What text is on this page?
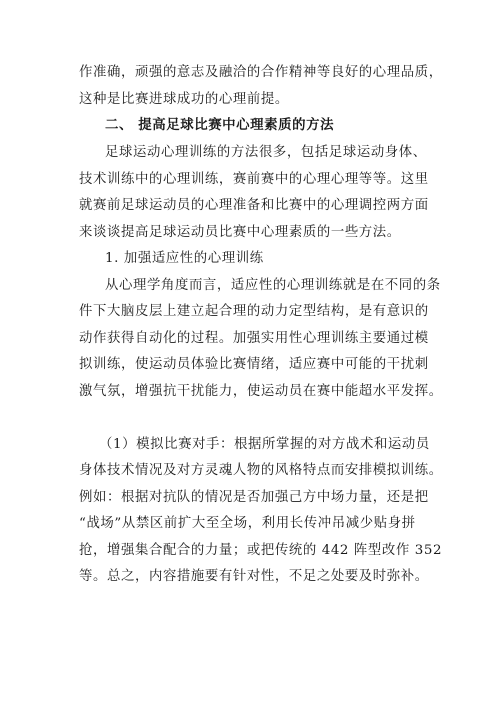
作准确，顽强的意志及融洽的合作精神等良好的心理品质，
这种是比赛进球成功的心理前提。
二、 提高足球比赛中心理素质的方法
足球运动心理训练的方法很多，包括足球运动身体、
技术训练中的心理训练，赛前赛中的心理心理等等。这里
就赛前足球运动员的心理准备和比赛中的心理调控两方面
来谈谈提高足球运动员比赛中心理素质的一些方法。
1. 加强适应性的心理训练
从心理学角度而言，适应性的心理训练就是在不同的条
件下大脑皮层上建立起合理的动力定型结构，是有意识的
动作获得自动化的过程。加强实用性心理训练主要通过模
拟训练，使运动员体验比赛情绪，适应赛中可能的干扰刺
激气氛，增强抗干扰能力，使运动员在赛中能超水平发挥。
（1）模拟比赛对手：根据所掌握的对方战术和运动员
身体技术情况及对方灵魂人物的风格特点而安排模拟训练。
例如：根据对抗队的情况是否加强己方中场力量，还是把
“战场”从禁区前扩大至全场，利用长传冲吊减少贴身拼
抢，增强集合配合的力量；或把传统的 442 阵型改作 352
等。总之，内容措施要有针对性，不足之处要及时弥补。
